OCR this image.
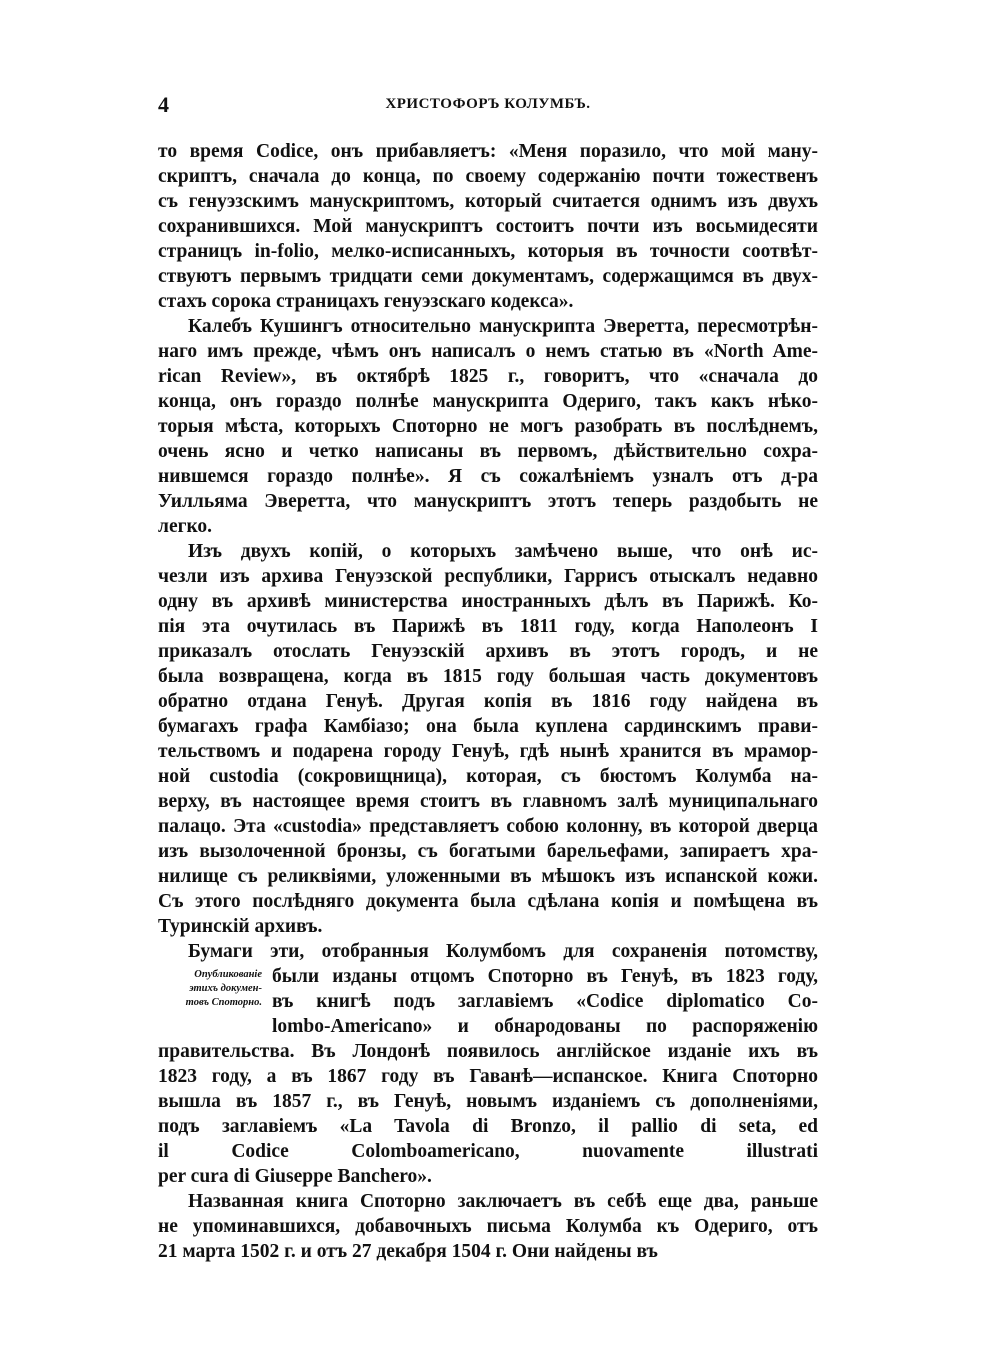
4	ХРИСТОФОРЪ КОЛУМБЪ.
Опубликованіе
этихъ докумен-
товъ Споторно.
то время Codice, онъ прибавляетъ: «Меня поразило, что мой ману-
скриптъ, сначала до конца, по своему содержанію почти тожественъ
съ генуэзскимъ манускриптомъ, который считается однимъ изъ двухъ
сохранившихся. Мой манускриптъ состоитъ почти изъ восьмидесяти
страницъ in-folio, мелко-исписанныхъ, которыя въ точности соотвѣт-
ствуютъ первымъ тридцати семи документамъ, содержащимся въ двух-
стахъ сорока страницахъ генуэзскаго кодекса».
Калебъ Кушингъ относительно манускрипта Эверетта, пересмотрѣн-
наго имъ прежде, чѣмъ онъ написалъ о немъ статью въ «North Ame-
rican Review», въ октябрѣ 1825 г., говоритъ, что «сначала до
конца, онъ гораздо полнѣе манускрипта Одериго, такъ какъ нѣко-
торыя мѣста, которыхъ Споторно не могъ разобрать въ послѣднемъ,
очень ясно и четко написаны въ первомъ, дѣйствительно сохра-
нившемся гораздо полнѣе». Я съ сожалѣніемъ узналъ отъ д-ра
Уилльяма Эверетта, что манускриптъ этотъ теперь раздобыть не
легко.
Изъ двухъ копій, о которыхъ замѣчено выше, что онѣ ис-
чезли изъ архива Генуэзской республики, Гаррисъ отыскалъ недавно
одну въ архивѣ министерства иностранныхъ дѣлъ въ Парижѣ. Ко-
пія эта очутилась въ Парижѣ въ 1811 году, когда Наполеонъ I
приказалъ отослать Генуэзскій архивъ въ этотъ городъ, и не
была возвращена, когда въ 1815 году большая часть документовъ
обратно отдана Генуѣ. Другая копія въ 1816 году найдена въ
бумагахъ графа Камбіазо; она была куплена сардинскимъ прави-
тельствомъ и подарена городу Генуѣ, гдѣ нынѣ хранится въ мрамор-
ной custodia (сокровищница), которая, съ бюстомъ Колумба на-
верху, въ настоящее время стоитъ въ главномъ залѣ муниципальнаго
палацо. Эта «custodia» представляетъ собою колонну, въ которой дверца
изъ вызолоченной бронзы, съ богатыми барельефами, запираетъ хра-
нилище съ реликвіями, уложенными въ мѣшокъ изъ испанской кожи.
Съ этого послѣдняго документа была сдѣлана копія и помѣщена въ
Туринскій архивъ.
Бумаги эти, отобранныя Колумбомъ для сохраненія потомству,
были изданы отцомъ Споторно въ Генуѣ, въ 1823 году,
въ книгѣ подъ заглавіемъ «Codice diplomatico Co-
lombo-Americano» и обнародованы по распоряженію
правительства. Въ Лондонѣ появилось англійское изданіе ихъ въ
1823 году, а въ 1867 году въ Гаванѣ—испанское. Книга Споторно
вышла въ 1857 г., въ Генуѣ, новымъ изданіемъ съ дополненіями,
подъ заглавіемъ «La Tavola di Bronzo, il pallio di seta, ed
il Codice Colomboamericano, nuovamente illustrati
per cura di Giuseppe Banchero».
Названная книга Споторно заключаетъ въ себѣ еще два, раньше
не упоминавшихся, добавочныхъ письма Колумба къ Одериго, отъ
21 марта 1502 г. и отъ 27 декабря 1504 г. Они найдены въ
